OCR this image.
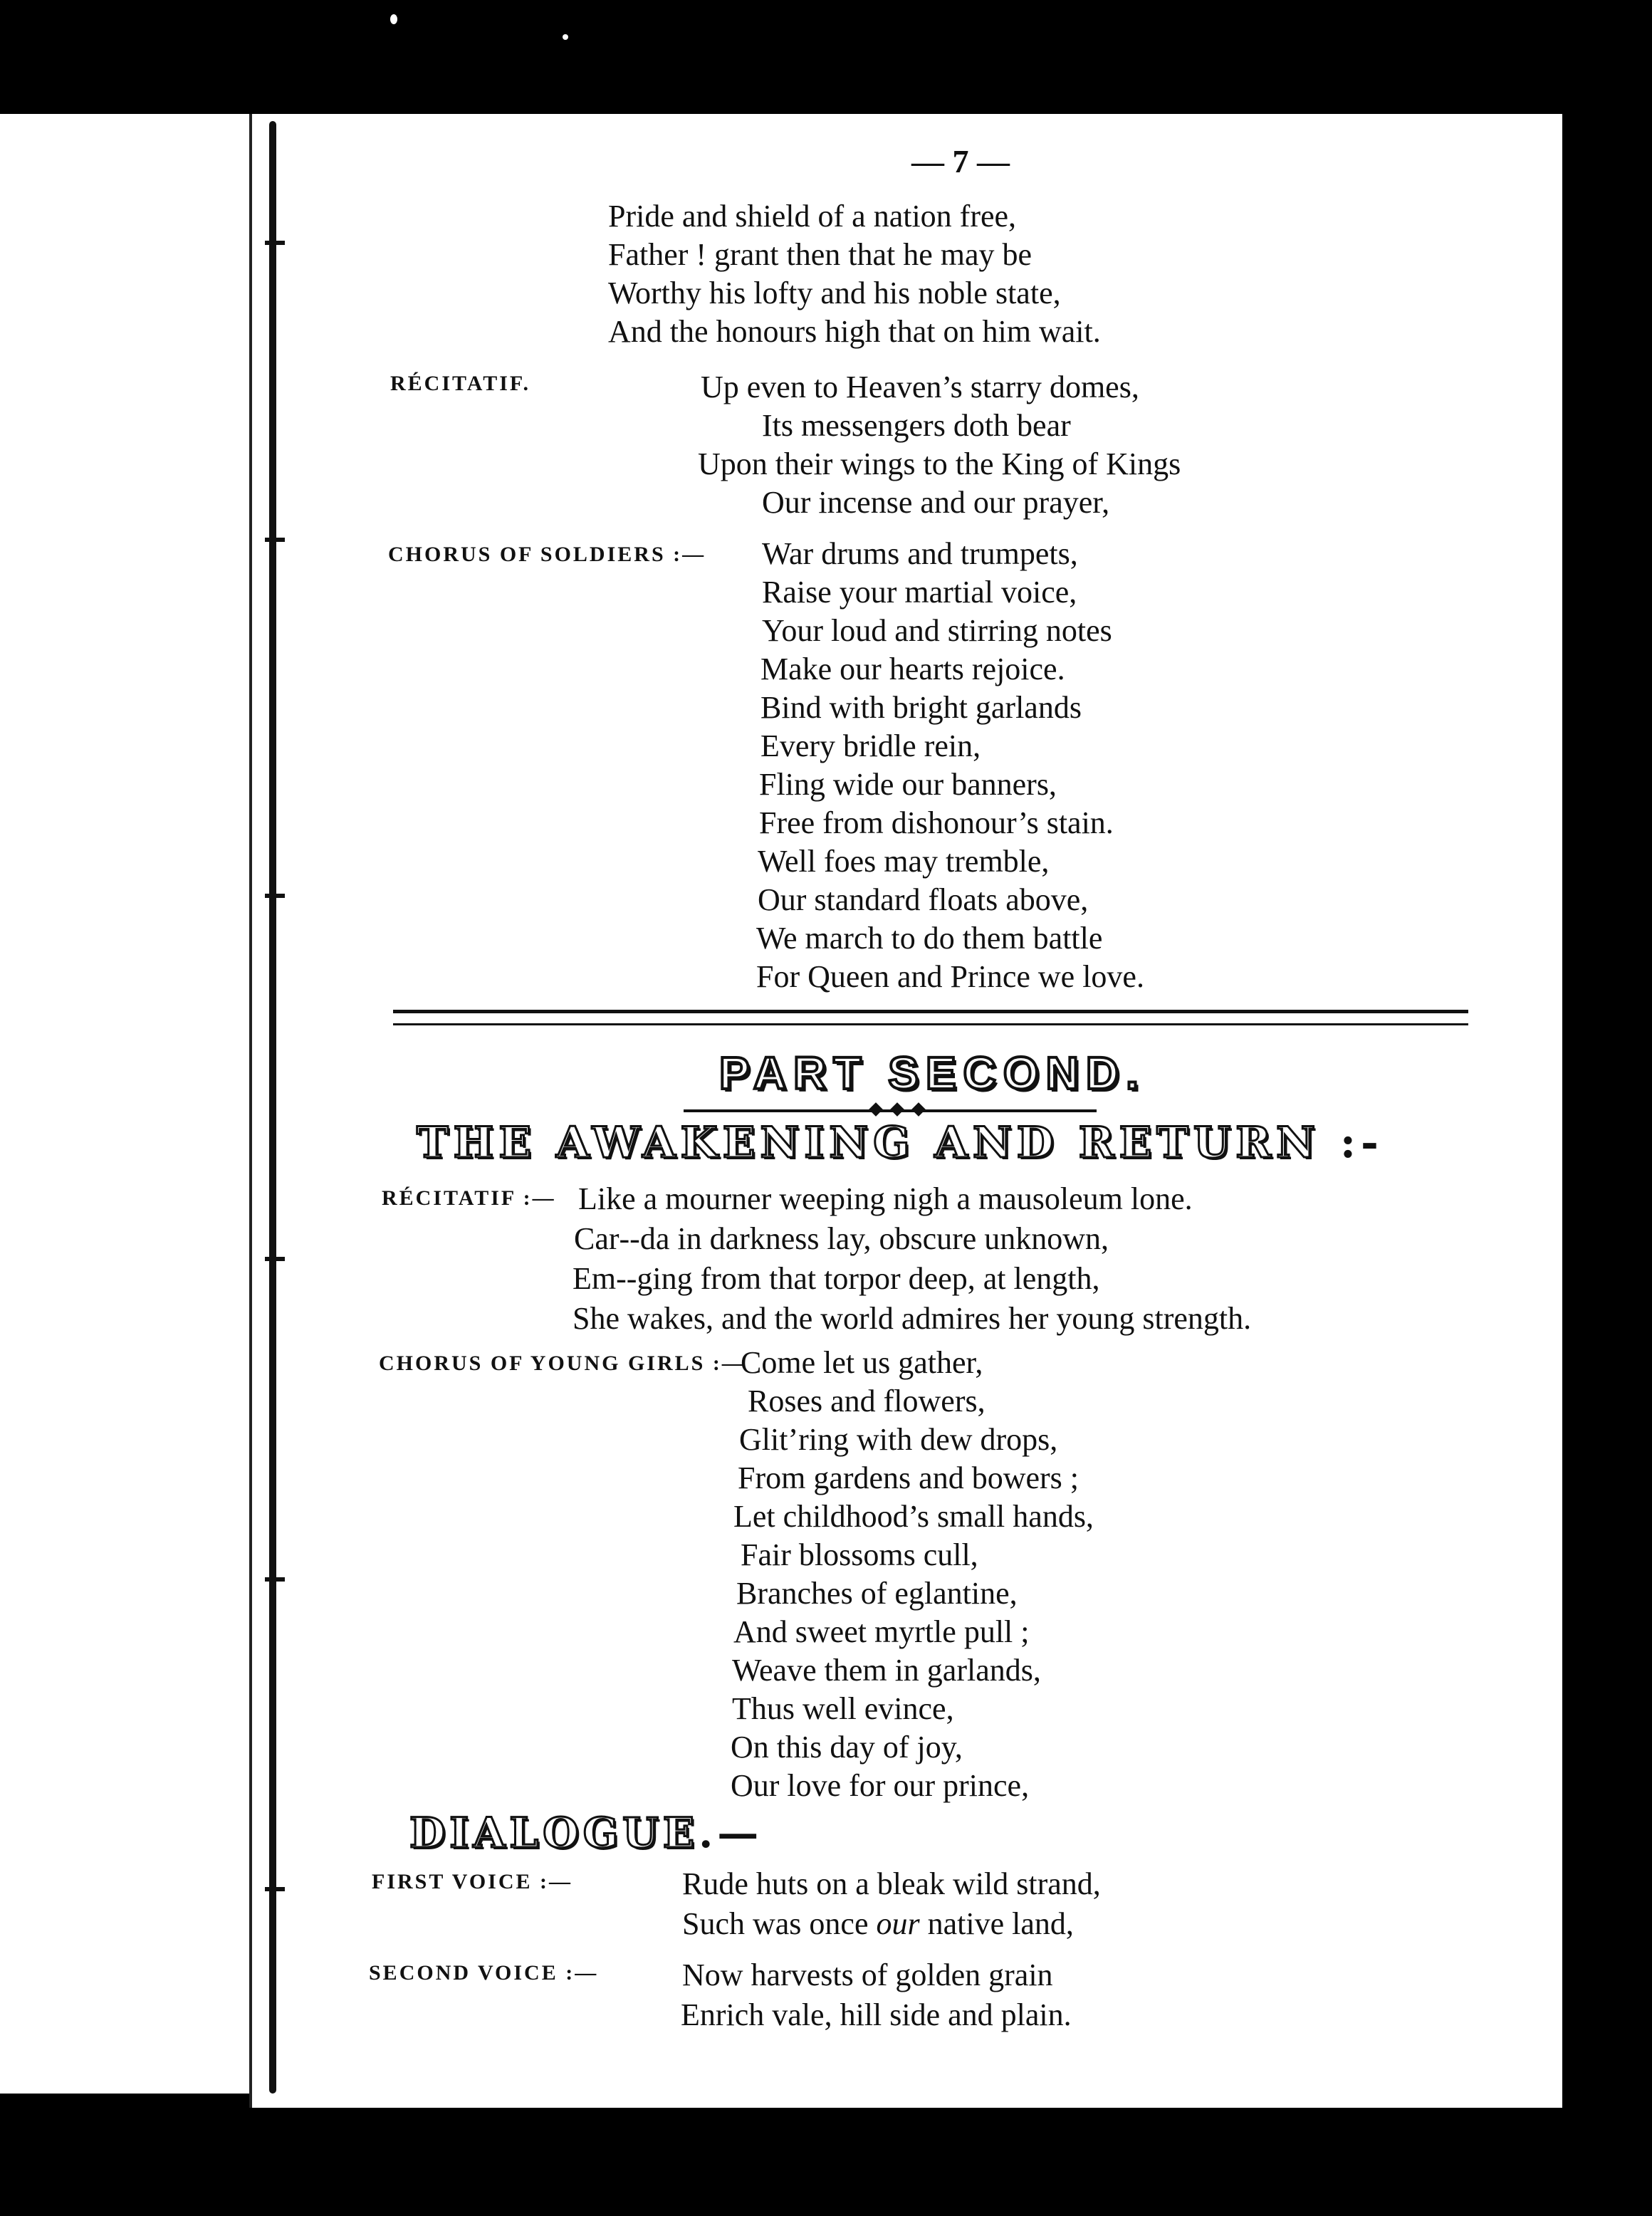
— 7 —
Pride and shield of a nation free,
Father ! grant then that he may be
Worthy his lofty and his noble state,
And the honours high that on him wait.
RÉCITATIF.	Up even to Heaven’s starry domes,
Its messengers doth bear
Upon their wings to the King of Kings
Our incense and our prayer,
CHORUS OF SOLDIERS :— War drums and trumpets,
Raise your martial voice,
Your loud and stirring notes
Make our hearts rejoice.
Bind with bright garlands
Every bridle rein,
Fling wide our banners,
Free from dishonour’s stain.
Well foes may tremble,
Our standard floats above,
We march to do them battle
For Queen and Prince we love.
PART SECOND.
THE AWAKENING AND RETURN :-
RÉCITATIF :— Like a mourner weeping nigh a mausoleum lone.
Car‑‑da in darkness lay, obscure unknown,
Em‑‑ging from that torpor deep, at length,
She wakes, and the world admires her young strength.
CHORUS OF YOUNG GIRLS :—
Come let us gather,
Roses and flowers,
Glit’ring with dew drops,
From gardens and bowers ;
Let childhood’s small hands,
Fair blossoms cull,
Branches of eglantine,
And sweet myrtle pull ;
Weave them in garlands,
Thus well evince,
On this day of joy,
Our love for our prince,
DIALOGUE.—
FIRST VOICE :—	Rude huts on a bleak wild strand,
Such was once our native land,
SECOND VOICE :—	Now harvests of golden grain
Enrich vale, hill side and plain.
